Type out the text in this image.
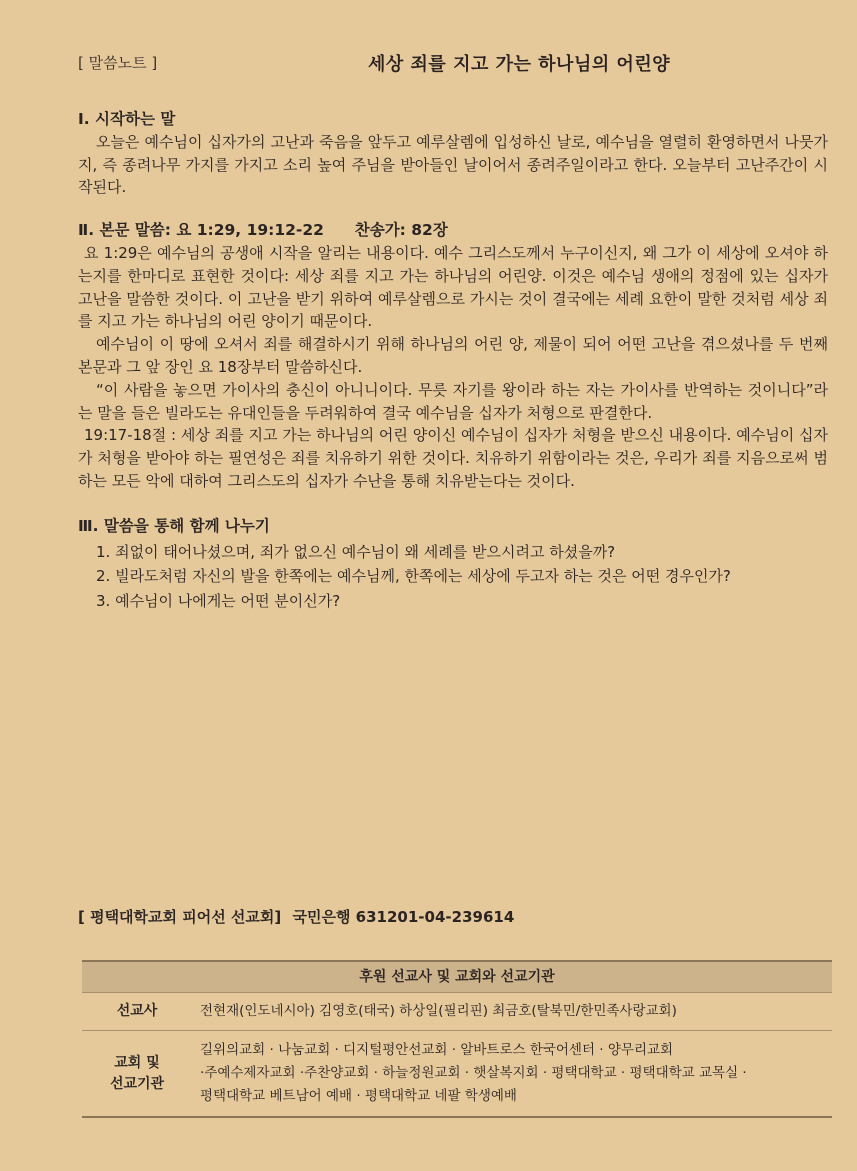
[ 말씀노트 ]	세상 죄를 지고 가는 하나님의 어린양

Ⅰ. 시작하는 말

오늘은 예수님이 십자가의 고난과 죽음을 앞두고 예루살렘에 입성하신 날로, 예수님을 열렬히 환영하면서 나뭇가지, 즉 종려나무 가지를 가지고 소리 높여 주님을 받아들인 날이어서 종려주일이라고 한다. 오늘부터 고난주간이 시작된다.

Ⅱ. 본문 말씀: 요 1:29, 19:12-22 찬송가: 82장

요 1:29은 예수님의 공생애 시작을 알리는 내용이다. 예수 그리스도께서 누구이신지, 왜 그가 이 세상에 오셔야 하는지를 한마디로 표현한 것이다: 세상 죄를 지고 가는 하나님의 어린양. 이것은 예수님 생애의 정점에 있는 십자가 고난을 말씀한 것이다. 이 고난을 받기 위하여 예루살렘으로 가시는 것이 결국에는 세례 요한이 말한 것처럼 세상 죄를 지고 가는 하나님의 어린 양이기 때문이다.

예수님이 이 땅에 오셔서 죄를 해결하시기 위해 하나님의 어린 양, 제물이 되어 어떤 고난을 겪으셨나를 두 번째 본문과 그 앞 장인 요 18장부터 말씀하신다.

“이 사람을 놓으면 가이사의 충신이 아니니이다. 무릇 자기를 왕이라 하는 자는 가이사를 반역하는 것이니다”라는 말을 들은 빌라도는 유대인들을 두려워하여 결국 예수님을 십자가 처형으로 판결한다.

19:17-18절 : 세상 죄를 지고 가는 하나님의 어린 양이신 예수님이 십자가 처형을 받으신 내용이다. 예수님이 십자가 처형을 받아야 하는 필연성은 죄를 치유하기 위한 것이다. 치유하기 위함이라는 것은, 우리가 죄를 지음으로써 범하는 모든 악에 대하여 그리스도의 십자가 수난을 통해 치유받는다는 것이다.

Ⅲ. 말씀을 통해 함께 나누기

1. 죄없이 태어나셨으며, 죄가 없으신 예수님이 왜 세례를 받으시려고 하셨을까?
2. 빌라도처럼 자신의 발을 한쪽에는 예수님께, 한쪽에는 세상에 두고자 하는 것은 어떤 경우인가?
3. 예수님이 나에게는 어떤 분이신가?
[ 평택대학교회 피어선 선교회] 국민은행 631201-04-239614
후원 선교사 및 교회와 선교기관
선교사	전현재(인도네시아) 김영호(태국) 하상일(필리핀) 최금호(탈북민/한민족사랑교회)
교회 및
선교기관
길위의교회 · 나눔교회 · 디지털평안선교회 · 알바트로스 한국어센터 · 양무리교회
·주예수제자교회 ·주찬양교회 · 하늘정원교회 · 햇살복지회 · 평택대학교 · 평택대학교 교목실 ·
평택대학교 베트남어 예배 · 평택대학교 네팔 학생예배
